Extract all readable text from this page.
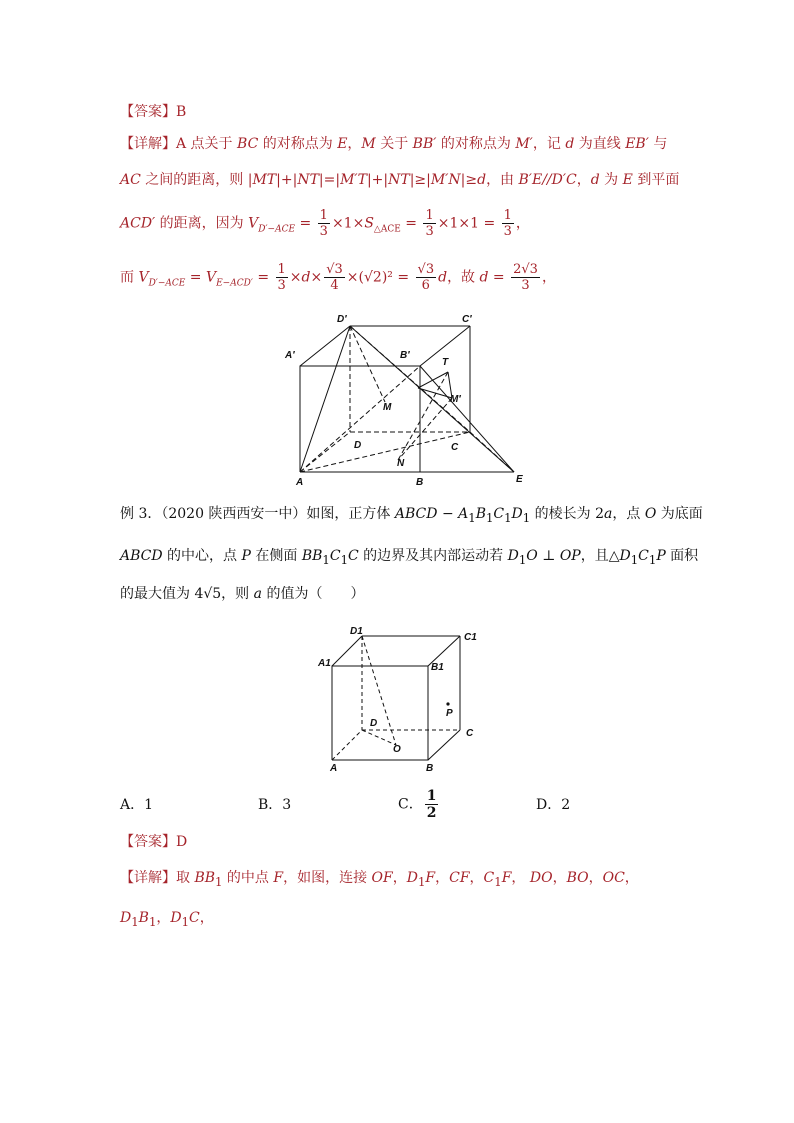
【答案】B
【详解】A 点关于 BC 的对称点为 E，M 关于 BB′ 的对称点为 M′，记 d 为直线 EB′ 与
AC 之间的距离，则 |MT|+|NT|=|M′T|+|NT|≥|M′N|≥d，由 B′E//D′C，d 为 E 到平面
ACD′ 的距离，因为 $V_{D'-ACE} = \frac{1}{3} \times 1\times S_{\triangle ACE} = \frac{1}{3} \times 1\times 1 = \frac{1}{3}$ ，
而 $V_{D'-ACE} = V_{E-ACD'} = \frac{1}{3} \times d\times \frac{√3}{4} \times(√2)^2 = \frac{√3}{6}$ d，故 $d = \frac{2√3}{3}$ ，
D′	C′
A′	B′
T
M′
M
D	C
A
N
B	E
例 3．（2020 陕西西安一中）如图，正方体 ABCD − $A_1B_1C_1D_1$ 的棱长为 2a，点 O 为底面
ABCD 的中心，点 P 在侧面 $BB_1C_1C$ 的边界及其内部运动若 $D_1O$ ⊥ OP，且$\triangle D_1C_1P$ 面积
的最大值为 4√5，则 a 的值为（　　）
D1
C1
A1	B1
P
D
C
O
A	B
A．1	B．3	C． $\frac{1}{2}$	D．2
【答案】D
【详解】取 $BB_1$ 的中点 F，如图，连接 OF，$D_1F$，CF，$C_1F$， DO，BO，OC，
$D_1B_1$，$D_1C$，
